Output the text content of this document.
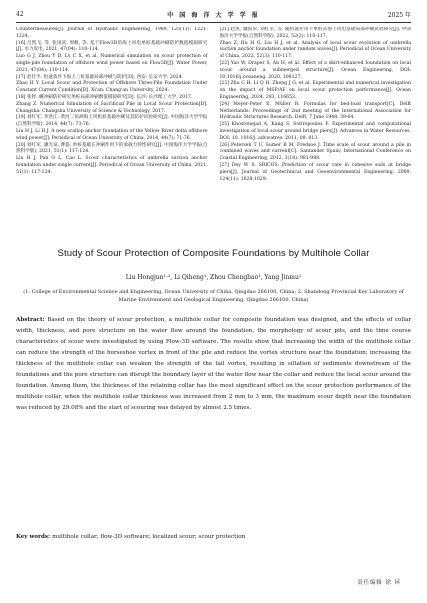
42	中 国 海 洋 大 学 学 报	2025 年

Countermeasures[J]. Journal of Hydraulic Engineering, 1989, 125(11): 1221-1224.

[16] 吕凯飞, 等, 张国富, 周帆, 等. 基于Flow3D的海上风电单桩基础冲刷防护数值模拟研究[J]. 水力发电, 2021, 47(04): 110-114.

Luo G J, Zhou Y D, Lv C X, et al. Numerical simulation on scour protection of single-pile foundation of offshore wind power based on Flow3D[J]. Water Power, 2021, 47(04): 110-114.

[17] 赵仕平. 恒速条件下海上三桩基础局部冲刷与防护[D]. 西安: 长安大学, 2024.

Zhao H Y. Local Scour and Protection of Offshore Three-Pile Foundation Under Constant Current Condition[D]. Xi'an: Chang'an University, 2024.

[18] 张智. 螺冲刷防护研究单桩局部冲刷数值模拟研究[D]. 长沙: 长沙理工大学, 2017.

Zhang Z. Numerical Simulation of Sacrificial Pile in Local Scour Protection[D]. Changsha: Changsha University of Science & Technology, 2017.

[19] 刘红军, 李洪江. 黄河三角洲海上风机桩基础冲刷及其防护试验研究[J]. 中国海洋大学学报(自然科学版), 2014, 44(7): 73-76.

Liu H J, Li H J. A new scallop anchor foundation of the Yellow River delta offshore wind power[J]. Periodical of Ocean University of China, 2014, 44(7): 71-76.

[20] 刘红军, 潘光泉, 曹磊. 单桩基础在冲刷作用下的承载力特性研究[J]. 中国海洋大学学报(自然科学版), 2021, 51(1): 117-124.

Liu H J, Pan G L, Cao L. Scour characteristics of umbrella suction anchor foundation under single current[J]. Periodical of Ocean University of China, 2021, 51(1): 117-124.

[21] 赵凯, 魏国荣, 刘红军, 等. 随机波作用下单桩式海上风电基础局部冲刷试验研究[J]. 中国海洋大学学报(自然科学版), 2022, 52(3): 110-117.

Zhao Z, Hu H G, Liu H J, et al. Analysis of local scour evolution of umbrella suction anchor foundation under random waves[J]. Periodical of Ocean University of China, 2022, 52(3): 110-117.

[22] Yao W, Draper S, An H, et al. Effect of a skirt-enhanced foundation on local scour around a submerged structure[J]. Ocean Engineering, DOI: 10.1016/j.oceaneng. 2020, 108127.

[23] Zhu C H, Li Q H, Zheng J G, et al. Experimental and numerical investigation on the impact of MSP/AF on local scour protection performance[J]. Ocean Engineering, 2024, 293, 116653.

[24] Meyer-Peter E, Müller R. Formulas for bed-load transport[C]. Delft Netherlands: Proceedings of 2nd meeting of the International Association for Hydraulic Structures Research. Delft, 7 June 1948, 39-64.

[25] Khosronejad A, Kang S, Sotiropoulos F. Experimental and computational investigation of local scour around bridge piers[J]. Advances in Water Resources. DOI: 10. 1016/j. advwatres. 2011, 09. 013.

[26] Petersen T U, Sumer B M, Fredsoe J. Time scale of scour around a pile in combined waves and current[C]. Santander Spain; International Conference on Coastal Engineering, 2012, 3(18): 981-988.

[27] Dey W S. SRICOS: Prediction of scour rate in cohesive soils at bridge piers[J]. Journal of Geotechnical and Geoenvironmental Engineering, 2009, 124(11): 1028-1029.

Study of Scour Protection of Composite Foundations by Multihole Collar
Liu Hongjun¹·², Li Qiheng¹, Zhou Chengbao¹, Yang Jinmu¹
(1. College of Environmental Science and Engineering, Ocean University of China, Qingdao 266100, China; 2. Shandong Provincial Key Laboratory of Marine Environment and Geological Engineering, Qingdao 266100, China)
Abstract: Based on the theory of scour protection, a multihole collar for composite foundation was designed, and the effects of collar width, thickness, and pore structure on the water flow around the foundation, the morphology of scour pits, and the time course characteristics of scour were investigated by using Flow-3D software. The results show that increasing the width of the multihole collar can reduce the strength of the horseshoe vortex in front of the pile and reduce the vortex structure near the foundation; increasing the thickness of the multihole collar can weaken the strength of the tail vortex, resulting in siltation of sediments downstream of the foundations and the pore structure can disrupt the boundary layer of the water flow near the collar and reduce the local scour around the foundation. Among them, the thickness of the retaining collar has the most significant effect on the scour protection performance of the multihole collar, when the multihole collar thickness was increased from 2 mm to 3 mm, the maximum scour depth near the foundation was reduced by 29.08% and the start of scouring was delayed by almost 2.5 times.
Key words: multihole collar; flow-3D software; localized scour; scour protection
责任编辑 徐 环
